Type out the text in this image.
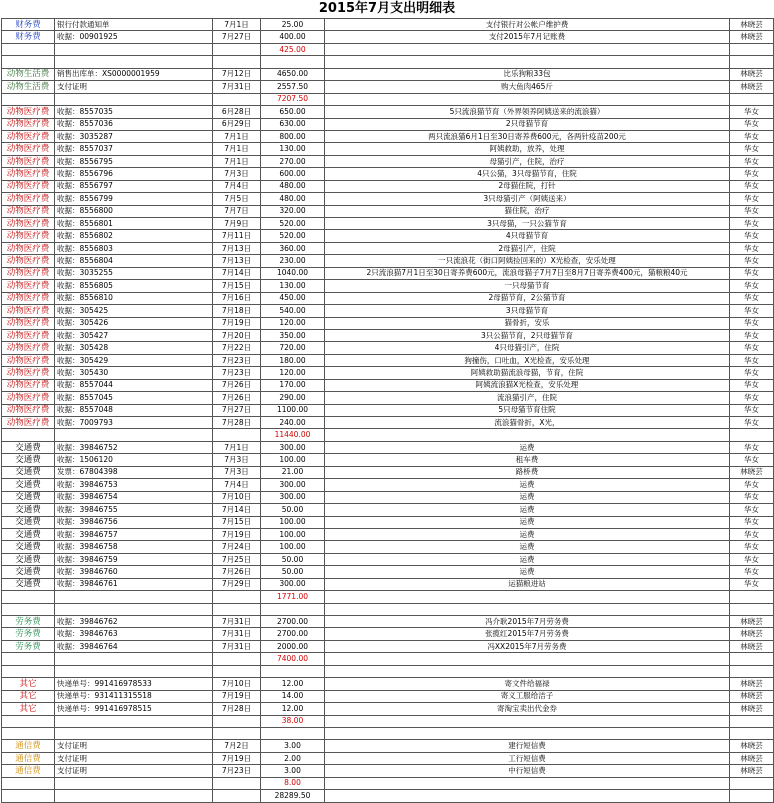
2015年7月支出明细表
财务费	银行付款通知单	7月1日	25.00	支付银行对公帐户维护费	林晓芸
财务费	收据：00901925	7月27日	400.00	支付2015年7月记账费	林晓芸
			425.00		

动物生活费	销售出库单：XS0000001959	7月12日	4650.00	比乐狗粮33包	林晓芸
动物生活费	支付证明	7月31日	2557.50	购大鱼肉465斤	林晓芸
			7207.50		
动物医疗费	收据：8557035	6月28日	650.00	5只流浪猫节育（外界领养阿姨送来的流浪猫）	华女
动物医疗费	收据：8557036	6月29日	630.00	2只母猫节育	华女
动物医疗费	收据：3035287	7月1日	800.00	两只流浪猫6月1日至30日寄养费600元，各两针疫苗200元	华女
动物医疗费	收据：8557037	7月1日	130.00	阿姨救助，放养，处理	华女
动物医疗费	收据：8556795	7月1日	270.00	母猫引产，住院，治疗	华女
动物医疗费	收据：8556796	7月3日	600.00	4只公猫，3只母猫节育，住院	华女
动物医疗费	收据：8556797	7月4日	480.00	2母猫住院，打针	华女
动物医疗费	收据：8556799	7月5日	480.00	3只母猫引产（阿姨送来）	华女
动物医疗费	收据：8556800	7月7日	320.00	猫住院，治疗	华女
动物医疗费	收据：8556801	7月9日	520.00	3只母猫，一只公猫节育	华女
动物医疗费	收据：8556802	7月11日	520.00	4只母猫节育	华女
动物医疗费	收据：8556803	7月13日	360.00	2母猫引产，住院	华女
动物医疗费	收据：8556804	7月13日	230.00	一只流浪花（街口阿姨捡回来的）X光检查，安乐处理	华女
动物医疗费	收据：3035255	7月14日	1040.00	2只流浪猫7月1日至30日寄养费600元，流浪母猫子7月7日至8月7日寄养费400元，猫粮粮40元	华女
动物医疗费	收据：8556805	7月15日	130.00	一只母猫节育	华女
动物医疗费	收据：8556810	7月16日	450.00	2母猫节育，2公猫节育	华女
动物医疗费	收据：305425	7月18日	540.00	3只母猫节育	华女
动物医疗费	收据：305426	7月19日	120.00	猫骨折，安乐	华女
动物医疗费	收据：305427	7月20日	350.00	3只公猫节育，2只母猫节育	华女
动物医疗费	收据：305428	7月22日	720.00	4只母猫引产，住院	华女
动物医疗费	收据：305429	7月23日	180.00	狗撞伤，口吐血，X光检查，安乐处理	华女
动物医疗费	收据：305430	7月23日	120.00	阿姨救助猫流浪母猫，节育，住院	华女
动物医疗费	收据：8557044	7月26日	170.00	阿姨流浪猫X光检查，安乐处理	华女
动物医疗费	收据：8557045	7月26日	290.00	流浪猫引产，住院	华女
动物医疗费	收据：8557048	7月27日	1100.00	5只母猫节育住院	华女
动物医疗费	收据：7009793	7月28日	240.00	流浪猫骨折，X光，	华女
			11440.00		
交通费	收据：39846752	7月1日	300.00	运费	华女
交通费	收据：1506120	7月3日	100.00	租车费	华女
交通费	发票：67804398	7月3日	21.00	路桥费	林晓芸
交通费	收据：39846753	7月4日	300.00	运费	华女
交通费	收据：39846754	7月10日	300.00	运费	华女
交通费	收据：39846755	7月14日	50.00	运费	华女
交通费	收据：39846756	7月15日	100.00	运费	华女
交通费	收据：39846757	7月19日	100.00	运费	华女
交通费	收据：39846758	7月24日	100.00	运费	华女
交通费	收据：39846759	7月25日	50.00	运费	华女
交通费	收据：39846760	7月26日	50.00	运费	华女
交通费	收据：39846761	7月29日	300.00	运猫粮进站	华女
			1771.00		

劳务费	收据：39846762	7月31日	2700.00	冯介耿2015年7月劳务费	林晓芸
劳务费	收据：39846763	7月31日	2700.00	张揽红2015年7月劳务费	林晓芸
劳务费	收据：39846764	7月31日	2000.00	冯XX2015年7月劳务费	林晓芸
			7400.00		

其它	快递单号：991416978533	7月10日	12.00	寄文件给福禄	林晓芸
其它	快递单号：931411315518	7月19日	14.00	寄义工服给洁子	林晓芸
其它	快递单号：991416978515	7月28日	12.00	寄淘宝卖出代金券	林晓芸
			38.00		

通信费	支付证明	7月2日	3.00	建行短信费	林晓芸
通信费	支付证明	7月19日	2.00	工行短信费	林晓芸
通信费	支付证明	7月23日	3.00	中行短信费	林晓芸
			8.00		
			28289.50		
